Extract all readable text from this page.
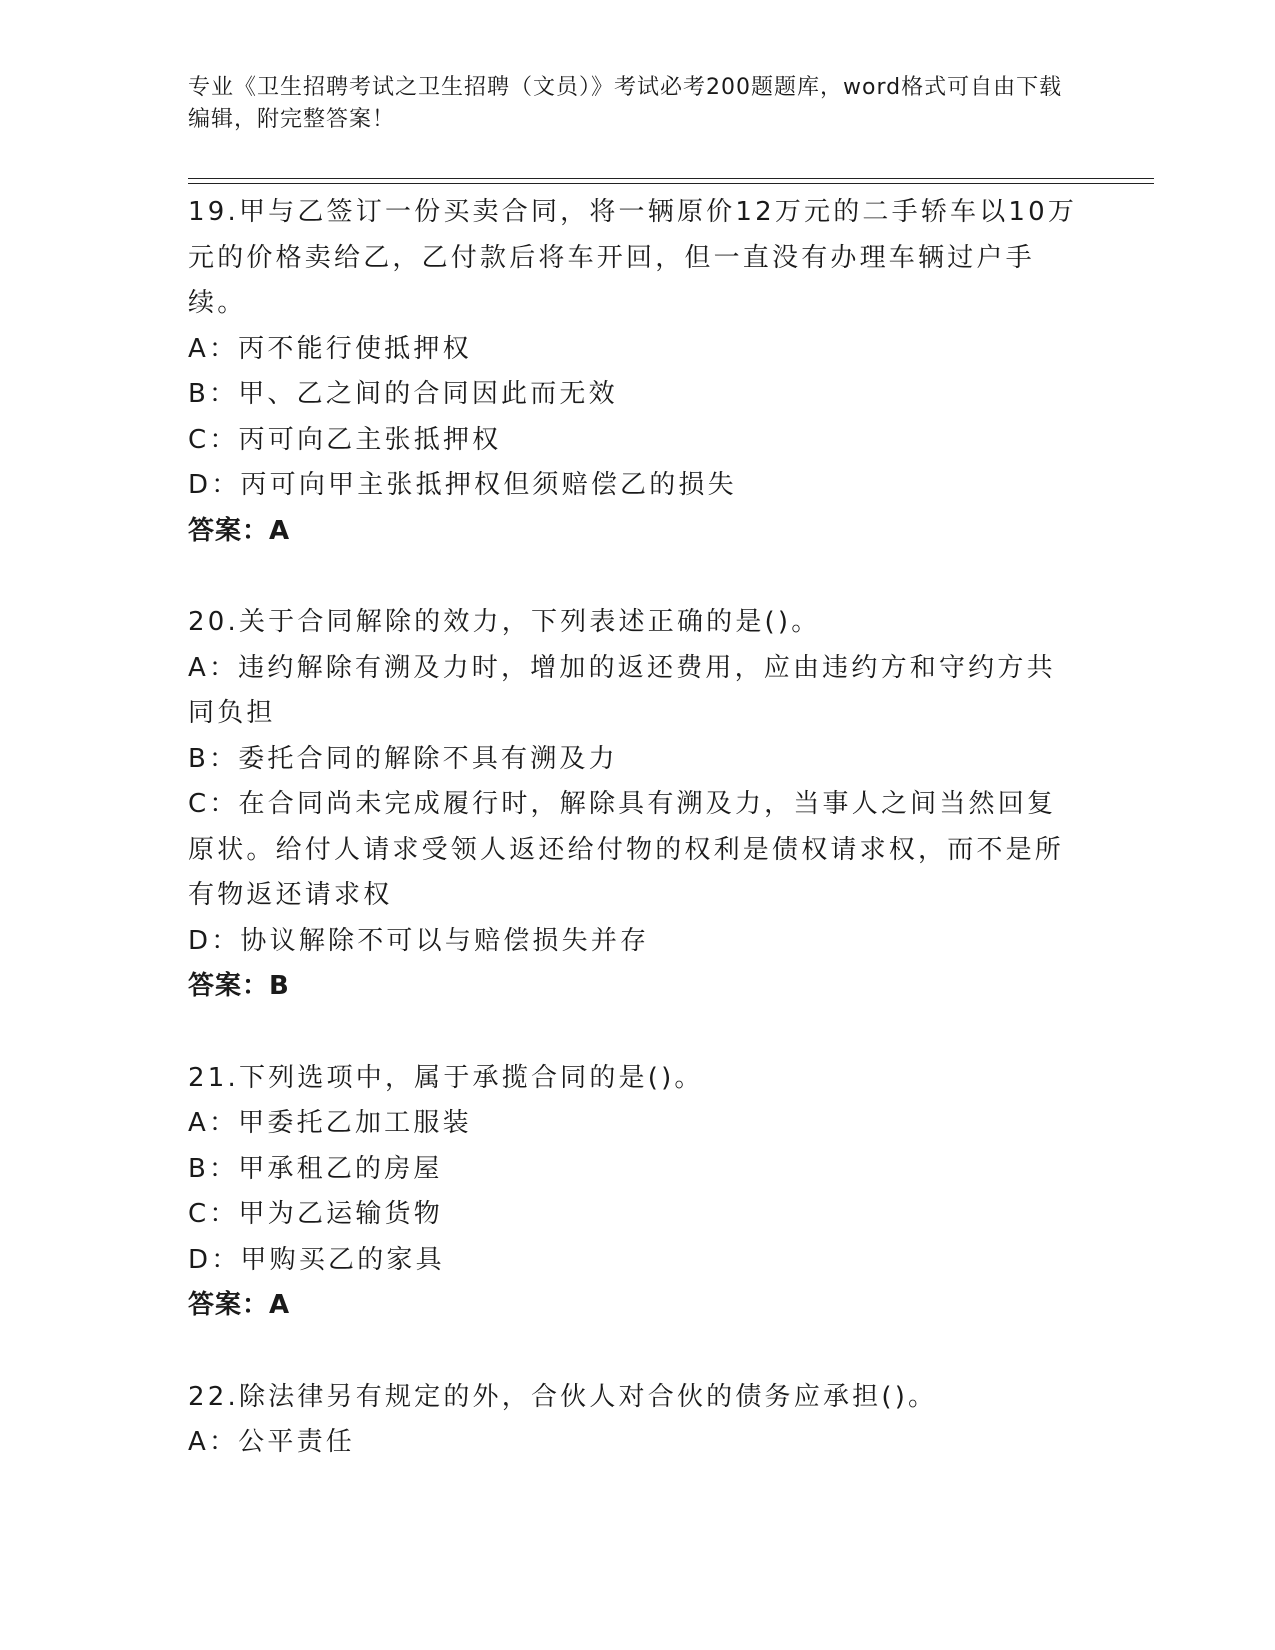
专业《卫生招聘考试之卫生招聘（文员）》考试必考200题题库，word格式可自由下载编辑，附完整答案！
19.甲与乙签订一份买卖合同，将一辆原价12万元的二手轿车以10万元的价格卖给乙，乙付款后将车开回，但一直没有办理车辆过户手续。
A：丙不能行使抵押权
B：甲、乙之间的合同因此而无效
C：丙可向乙主张抵押权
D：丙可向甲主张抵押权但须赔偿乙的损失
答案：A
20.关于合同解除的效力，下列表述正确的是()。
A：违约解除有溯及力时，增加的返还费用，应由违约方和守约方共同负担
B：委托合同的解除不具有溯及力
C：在合同尚未完成履行时，解除具有溯及力，当事人之间当然回复原状。给付人请求受领人返还给付物的权利是债权请求权，而不是所有物返还请求权
D：协议解除不可以与赔偿损失并存
答案：B
21.下列选项中，属于承揽合同的是()。
A：甲委托乙加工服装
B：甲承租乙的房屋
C：甲为乙运输货物
D：甲购买乙的家具
答案：A
22.除法律另有规定的外，合伙人对合伙的债务应承担()。
A：公平责任
